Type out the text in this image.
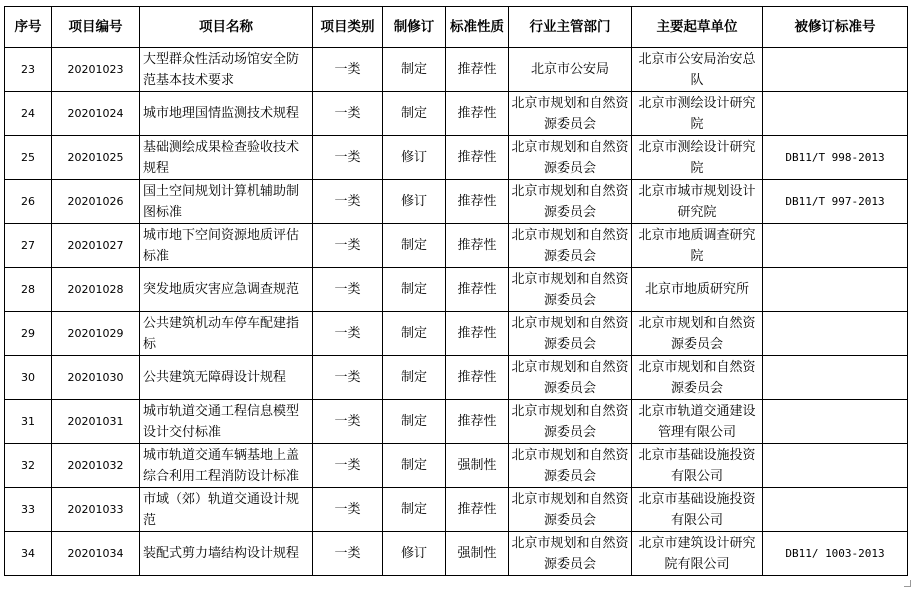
序号	项目编号	项目名称	项目类别	制修订	标准性质	行业主管部门	主要起草单位	被修订标准号
23	20201023	大型群众性活动场馆安全防范基本技术要求	一类	制定	推荐性	北京市公安局	北京市公安局治安总队	
24	20201024	城市地理国情监测技术规程	一类	制定	推荐性	北京市规划和自然资源委员会	北京市测绘设计研究院	
25	20201025	基础测绘成果检查验收技术规程	一类	修订	推荐性	北京市规划和自然资源委员会	北京市测绘设计研究院	DB11/T 998-2013
26	20201026	国土空间规划计算机辅助制图标准	一类	修订	推荐性	北京市规划和自然资源委员会	北京市城市规划设计研究院	DB11/T 997-2013
27	20201027	城市地下空间资源地质评估标准	一类	制定	推荐性	北京市规划和自然资源委员会	北京市地质调查研究院	
28	20201028	突发地质灾害应急调查规范	一类	制定	推荐性	北京市规划和自然资源委员会	北京市地质研究所	
29	20201029	公共建筑机动车停车配建指标	一类	制定	推荐性	北京市规划和自然资源委员会	北京市规划和自然资源委员会	
30	20201030	公共建筑无障碍设计规程	一类	制定	推荐性	北京市规划和自然资源委员会	北京市规划和自然资源委员会	
31	20201031	城市轨道交通工程信息模型设计交付标准	一类	制定	推荐性	北京市规划和自然资源委员会	北京市轨道交通建设管理有限公司	
32	20201032	城市轨道交通车辆基地上盖综合利用工程消防设计标准	一类	制定	强制性	北京市规划和自然资源委员会	北京市基础设施投资有限公司	
33	20201033	市域（郊）轨道交通设计规范	一类	制定	推荐性	北京市规划和自然资源委员会	北京市基础设施投资有限公司	
34	20201034	装配式剪力墙结构设计规程	一类	修订	强制性	北京市规划和自然资源委员会	北京市建筑设计研究院有限公司	DB11/ 1003-2013
